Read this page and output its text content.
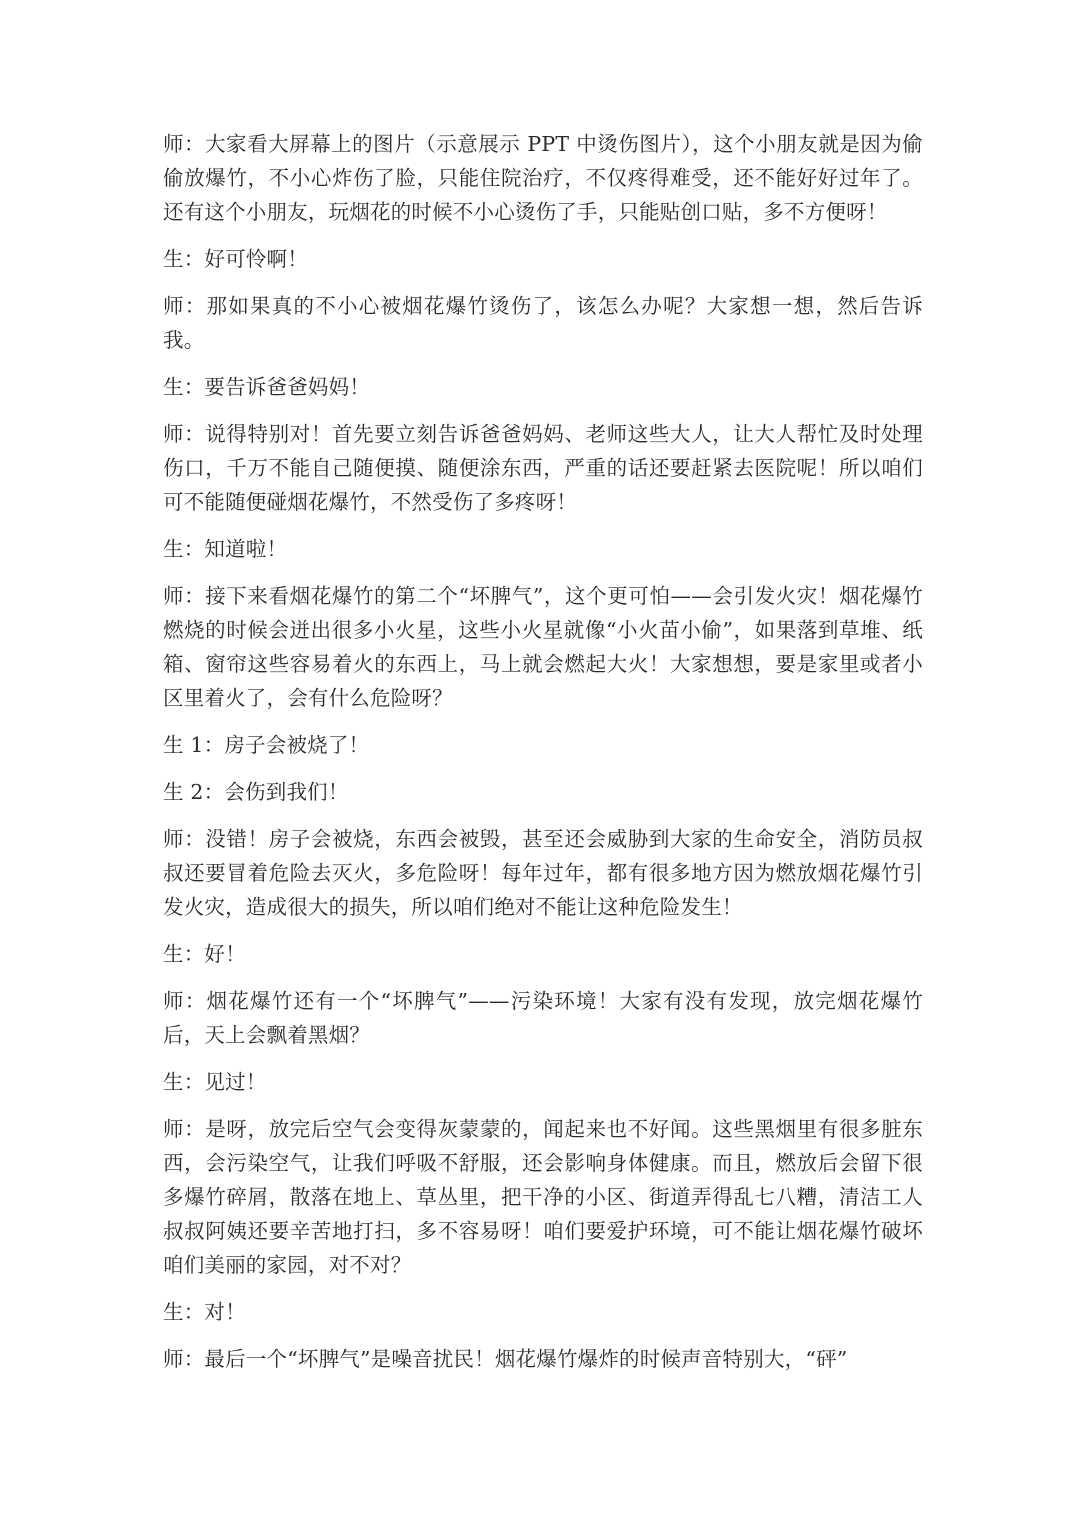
师：大家看大屏幕上的图片（示意展示 PPT 中烫伤图片），这个小朋友就是因为偷偷放爆竹，不小心炸伤了脸，只能住院治疗，不仅疼得难受，还不能好好过年了。还有这个小朋友，玩烟花的时候不小心烫伤了手，只能贴创口贴，多不方便呀！

生：好可怜啊！

师：那如果真的不小心被烟花爆竹烫伤了，该怎么办呢？大家想一想，然后告诉我。

生：要告诉爸爸妈妈！

师：说得特别对！首先要立刻告诉爸爸妈妈、老师这些大人，让大人帮忙及时处理伤口，千万不能自己随便摸、随便涂东西，严重的话还要赶紧去医院呢！所以咱们可不能随便碰烟花爆竹，不然受伤了多疼呀！

生：知道啦！

师：接下来看烟花爆竹的第二个“坏脾气”，这个更可怕——会引发火灾！烟花爆竹燃烧的时候会迸出很多小火星，这些小火星就像“小火苗小偷”，如果落到草堆、纸箱、窗帘这些容易着火的东西上，马上就会燃起大火！大家想想，要是家里或者小区里着火了，会有什么危险呀？

生 1：房子会被烧了！

生 2：会伤到我们！

师：没错！房子会被烧，东西会被毁，甚至还会威胁到大家的生命安全，消防员叔叔还要冒着危险去灭火，多危险呀！每年过年，都有很多地方因为燃放烟花爆竹引发火灾，造成很大的损失，所以咱们绝对不能让这种危险发生！

生：好！

师：烟花爆竹还有一个“坏脾气”——污染环境！大家有没有发现，放完烟花爆竹后，天上会飘着黑烟？

生：见过！

师：是呀，放完后空气会变得灰蒙蒙的，闻起来也不好闻。这些黑烟里有很多脏东西，会污染空气，让我们呼吸不舒服，还会影响身体健康。而且，燃放后会留下很多爆竹碎屑，散落在地上、草丛里，把干净的小区、街道弄得乱七八糟，清洁工人叔叔阿姨还要辛苦地打扫，多不容易呀！咱们要爱护环境，可不能让烟花爆竹破坏咱们美丽的家园，对不对？

生：对！

师：最后一个“坏脾气”是噪音扰民！烟花爆竹爆炸的时候声音特别大，“砰”
